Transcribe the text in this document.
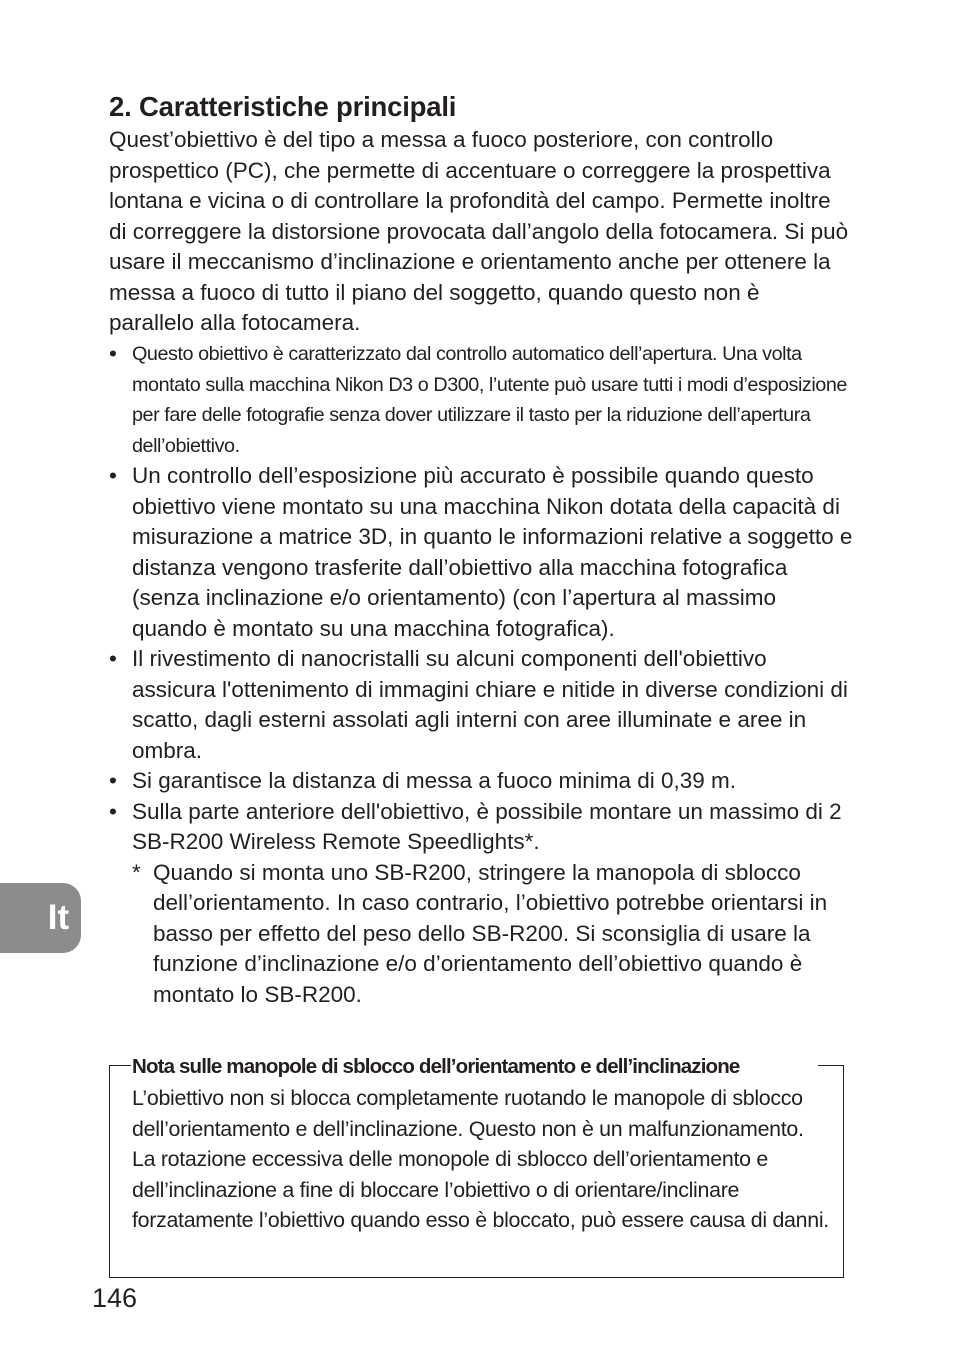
2. Caratteristiche principali

Quest’obiettivo è del tipo a messa a fuoco posteriore, con controllo prospettico (PC), che permette di accentuare o correggere la prospettiva lontana e vicina o di controllare la profondità del campo. Permette inoltre di correggere la distorsione provocata dall’angolo della fotocamera. Si può usare il meccanismo d’inclinazione e orientamento anche per ottenere la messa a fuoco di tutto il piano del soggetto, quando questo non è parallelo alla fotocamera.

• Questo obiettivo è caratterizzato dal controllo automatico dell’apertura. Una volta montato sulla macchina Nikon D3 o D300, l’utente può usare tutti i modi d’esposizione per fare delle fotografie senza dover utilizzare il tasto per la riduzione dell’apertura dell’obiettivo.
• Un controllo dell’esposizione più accurato è possibile quando questo obiettivo viene montato su una macchina Nikon dotata della capacità di misurazione a matrice 3D, in quanto le informazioni relative a soggetto e distanza vengono trasferite dall’obiettivo alla macchina fotografica (senza inclinazione e/o orientamento) (con l’apertura al massimo quando è montato su una macchina fotografica).
• Il rivestimento di nanocristalli su alcuni componenti dell'obiettivo assicura l'ottenimento di immagini chiare e nitide in diverse condizioni di scatto, dagli esterni assolati agli interni con aree illuminate e aree in ombra.
• Si garantisce la distanza di messa a fuoco minima di 0,39 m.
• Sulla parte anteriore dell'obiettivo, è possibile montare un massimo di 2 SB-R200 Wireless Remote Speedlights*.
* Quando si monta uno SB-R200, stringere la manopola di sblocco dell’orientamento. In caso contrario, l’obiettivo potrebbe orientarsi in basso per effetto del peso dello SB-R200. Si sconsiglia di usare la funzione d’inclinazione e/o d’orientamento dell’obiettivo quando è montato lo SB-R200.
Nota sulle manopole di sblocco dell’orientamento e dell’inclinazione

L’obiettivo non si blocca completamente ruotando le manopole di sblocco dell’orientamento e dell’inclinazione. Questo non è un malfunzionamento. La rotazione eccessiva delle monopole di sblocco dell’orientamento e dell’inclinazione a fine di bloccare l’obiettivo o di orientare/inclinare forzatamente l’obiettivo quando esso è bloccato, può essere causa di danni.

It
146
